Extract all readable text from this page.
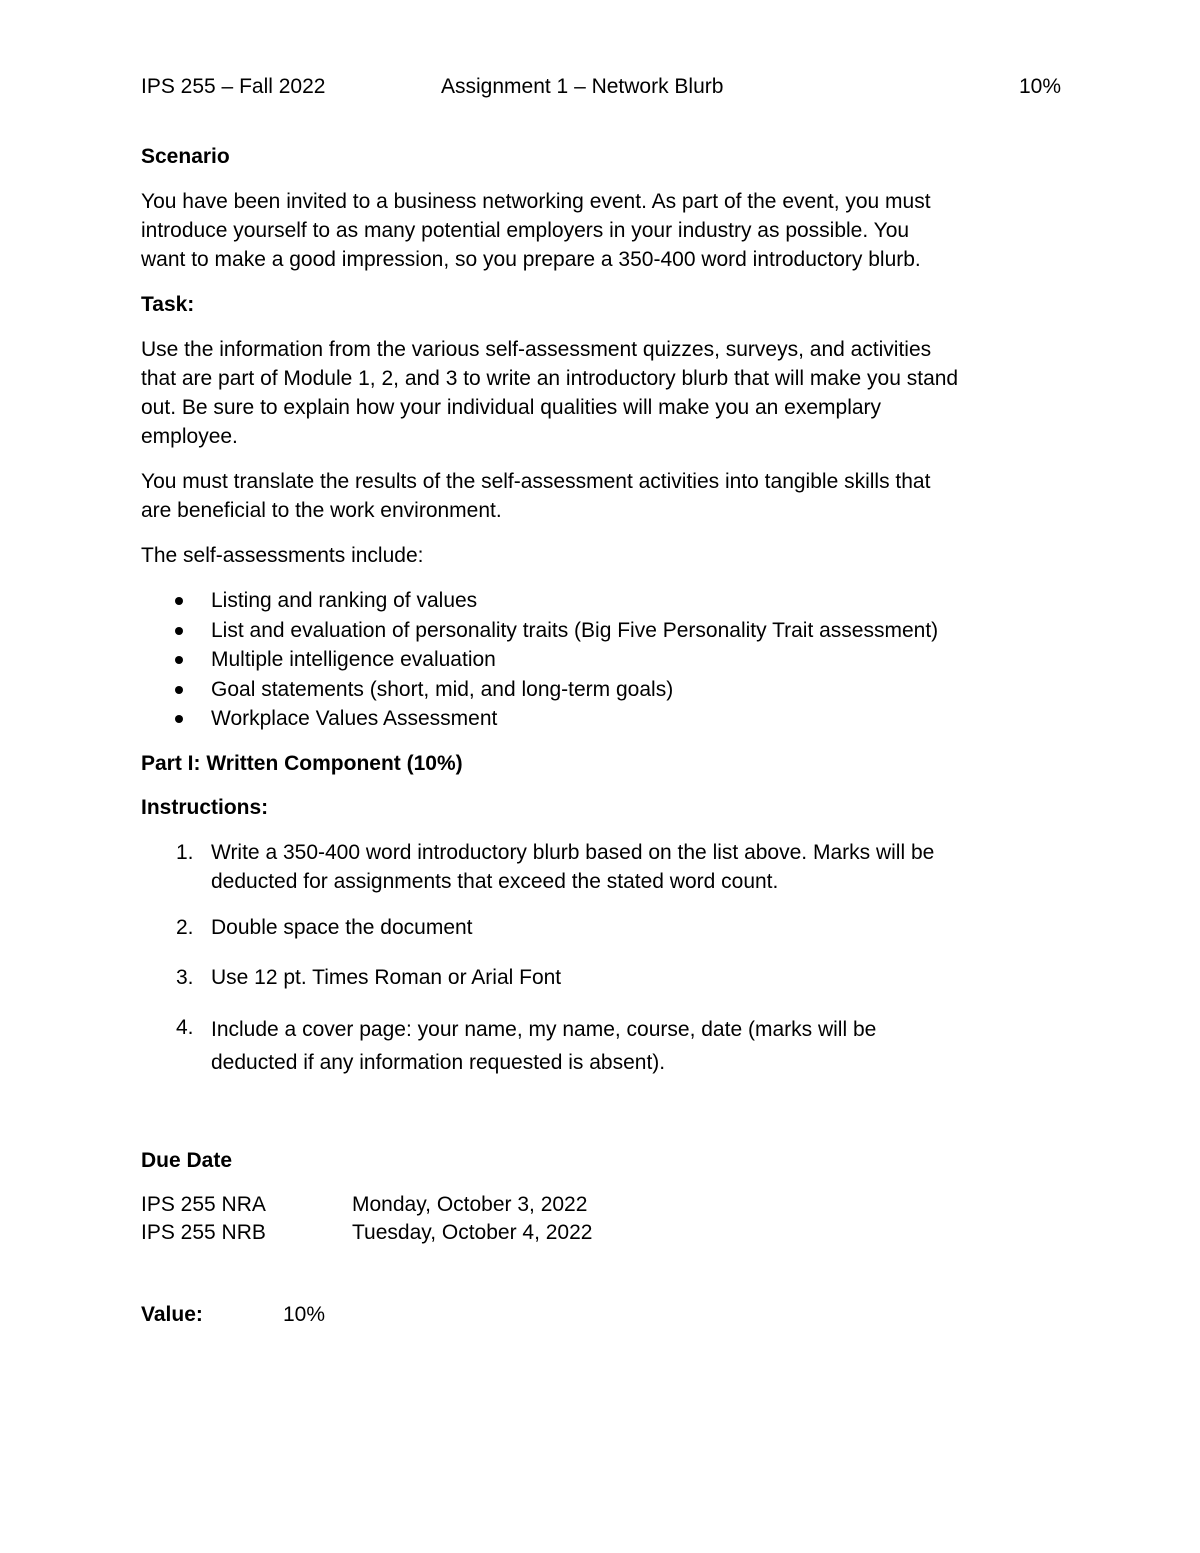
IPS 255 – Fall 2022	Assignment 1 – Network Blurb	10%
Scenario

You have been invited to a business networking event. As part of the event, you must

introduce yourself to as many potential employers in your industry as possible. You

want to make a good impression, so you prepare a 350-400 word introductory blurb.

Task:

Use the information from the various self-assessment quizzes, surveys, and activities

that are part of Module 1, 2, and 3 to write an introductory blurb that will make you stand

out. Be sure to explain how your individual qualities will make you an exemplary

employee.

You must translate the results of the self-assessment activities into tangible skills that

are beneficial to the work environment.

The self-assessments include:
Listing and ranking of values
List and evaluation of personality traits (Big Five Personality Trait assessment)
Multiple intelligence evaluation
Goal statements (short, mid, and long-term goals)
Workplace Values Assessment
Part I: Written Component (10%)
Instructions:
1. Write a 350-400 word introductory blurb based on the list above. Marks will be

deducted for assignments that exceed the stated word count.

2. Double space the document

3. Use 12 pt. Times Roman or Arial Font

4. Include a cover page: your name, my name, course, date (marks will be

deducted if any information requested is absent).

Due Date
IPS 255 NRA	Monday, October 3, 2022
IPS 255 NRB	Tuesday, October 4, 2022
Value:	10%
